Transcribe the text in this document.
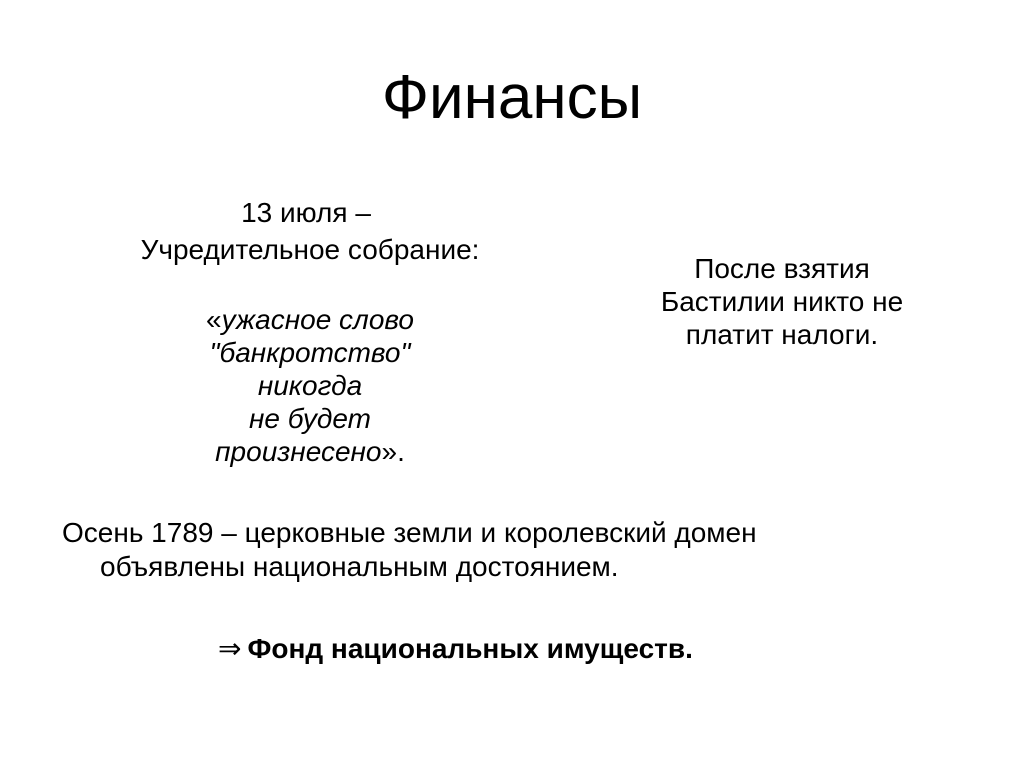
Финансы
13 июля –
Учредительное собрание:
«ужасное слово
"банкротство" никогда
не будет
произнесено».
После взятия
Бастилии никто не
платит налоги.
Осень 1789 – церковные земли и королевский домен
объявлены национальным достоянием.
⇒ Фонд национальных имуществ.
